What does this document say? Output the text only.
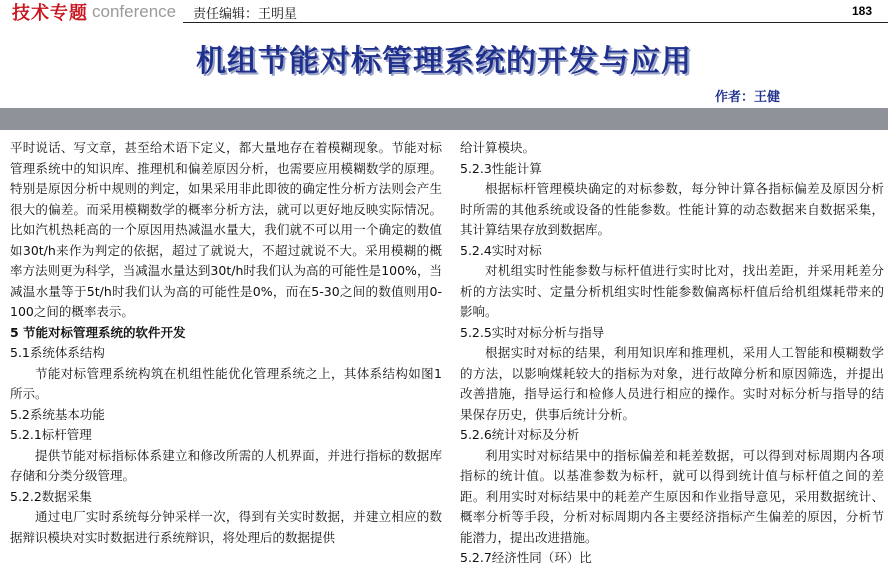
技术专题 conference 责任编辑：王明星	183
机组节能对标管理系统的开发与应用
作者：王健
平时说话、写文章，甚至给术语下定义，都大量地存在着模糊现象。节能对标管理系统中的知识库、推理机和偏差原因分析，也需要应用模糊数学的原理。特别是原因分析中规则的判定，如果采用非此即彼的确定性分析方法则会产生很大的偏差。而采用模糊数学的概率分析方法，就可以更好地反映实际情况。比如汽机热耗高的一个原因用热减温水量大，我们就不可以用一个确定的数值如30t/h来作为判定的依据，超过了就说大，不超过就说不大。采用模糊的概率方法则更为科学，当减温水量达到30t/h时我们认为高的可能性是100%，当减温水量等于5t/h时我们认为高的可能性是0%，而在5-30之间的数值则用0-100之间的概率表示。
5 节能对标管理系统的软件开发
5.1系统体系结构
节能对标管理系统构筑在机组性能优化管理系统之上，其体系结构如图1所示。
5.2系统基本功能
5.2.1标杆管理
提供节能对标指标体系建立和修改所需的人机界面，并进行指标的数据库存储和分类分级管理。
5.2.2数据采集
通过电厂实时系统每分钟采样一次，得到有关实时数据，并建立相应的数据辩识模块对实时数据进行系统辩识，将处理后的数据提供
给计算模块。
5.2.3性能计算
根据标杆管理模块确定的对标参数，每分钟计算各指标偏差及原因分析时所需的其他系统或设备的性能参数。性能计算的动态数据来自数据采集，其计算结果存放到数据库。
5.2.4实时对标
对机组实时性能参数与标杆值进行实时比对，找出差距，并采用耗差分析的方法实时、定量分析机组实时性能参数偏离标杆值后给机组煤耗带来的影响。
5.2.5实时对标分析与指导
根据实时对标的结果，利用知识库和推理机，采用人工智能和模糊数学的方法，以影响煤耗较大的指标为对象，进行故障分析和原因筛选，并提出改善措施，指导运行和检修人员进行相应的操作。实时对标分析与指导的结果保存历史，供事后统计分析。
5.2.6统计对标及分析
利用实时对标结果中的指标偏差和耗差数据，可以得到对标周期内各项指标的统计值。以基准参数为标杆，就可以得到统计值与标杆值之间的差距。利用实时对标结果中的耗差产生原因和作业指导意见，采用数据统计、概率分析等手段，分析对标周期内各主要经济指标产生偏差的原因，分析节能潜力，提出改进措施。
5.2.7经济性同（环）比
